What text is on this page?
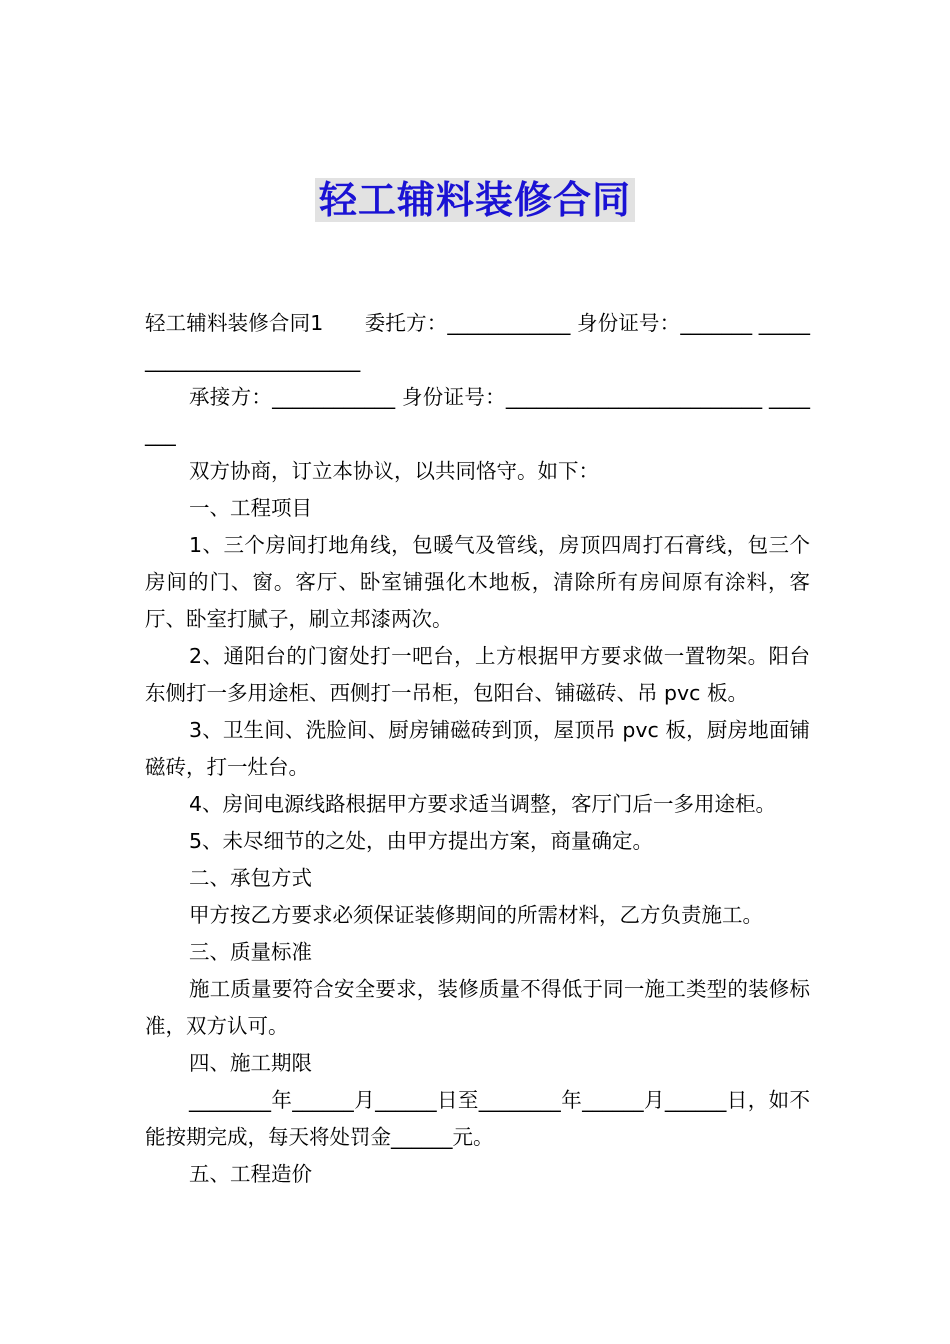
轻工辅料装修合同

轻工辅料装修合同1　　委托方：____________ 身份证号：_______ __________________________

承接方：____________ 身份证号：_________________________ _______

双方协商，订立本协议，以共同恪守。如下：

一、工程项目

1、三个房间打地角线，包暖气及管线，房顶四周打石膏线，包三个房间的门、窗。客厅、卧室铺强化木地板，清除所有房间原有涂料，客厅、卧室打腻子，刷立邦漆两次。

2、通阳台的门窗处打一吧台，上方根据甲方要求做一置物架。阳台东侧打一多用途柜、西侧打一吊柜，包阳台、铺磁砖、吊 pvc 板。

3、卫生间、洗脸间、厨房铺磁砖到顶，屋顶吊 pvc 板，厨房地面铺磁砖，打一灶台。

4、房间电源线路根据甲方要求适当调整，客厅门后一多用途柜。

5、未尽细节的之处，由甲方提出方案，商量确定。

二、承包方式

甲方按乙方要求必须保证装修期间的所需材料，乙方负责施工。

三、质量标准

施工质量要符合安全要求，装修质量不得低于同一施工类型的装修标准，双方认可。

四、施工期限

________年______月______日至________年______月______日，如不能按期完成，每天将处罚金______元。

五、工程造价
